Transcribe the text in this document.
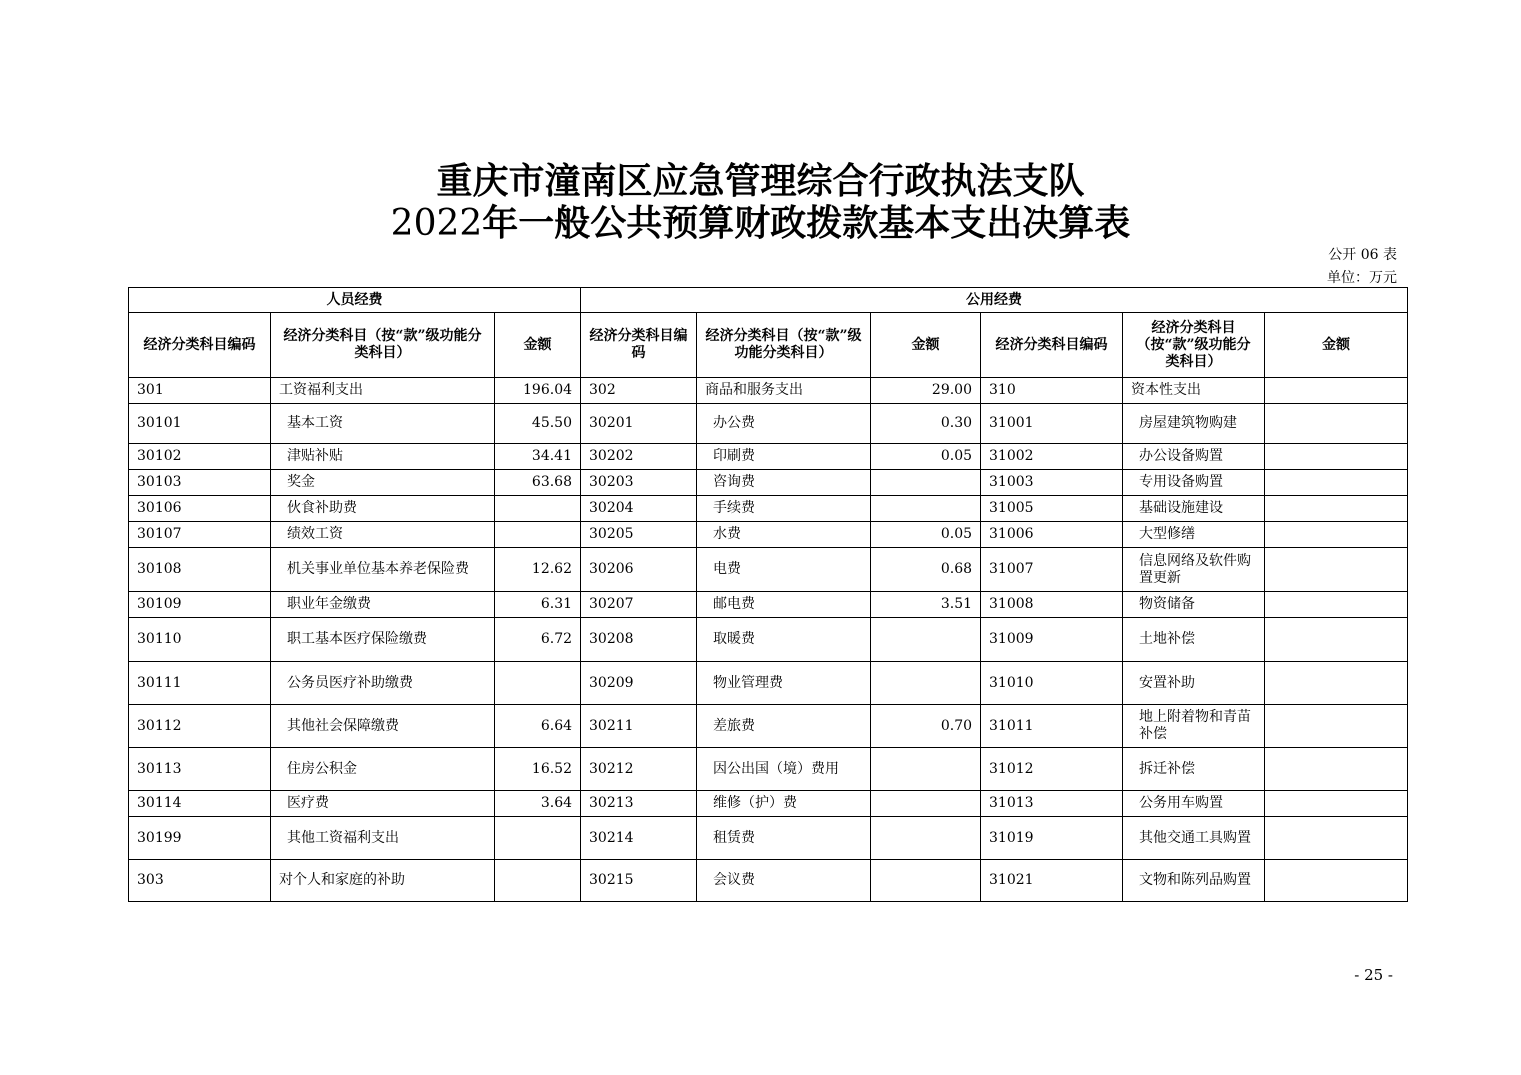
重庆市潼南区应急管理综合行政执法支队
2022年一般公共预算财政拨款基本支出决算表
公开 06 表
单位：万元
人员经费			公用经费					
经济分类科目编码	经济分类科目（按“款”级功能分类科目）	金额	经济分类科目编码	经济分类科目（按“款”级功能分类科目）	金额	经济分类科目编码	经济分类科目（按“款”级功能分类科目）	金额
301	工资福利支出	196.04	302	商品和服务支出	29.00	310	资本性支出	
30101	基本工资	45.50	30201	办公费	0.30	31001	房屋建筑物购建	
30102	津贴补贴	34.41	30202	印刷费	0.05	31002	办公设备购置	
30103	奖金	63.68	30203	咨询费		31003	专用设备购置	
30106	伙食补助费		30204	手续费		31005	基础设施建设	
30107	绩效工资		30205	水费	0.05	31006	大型修缮	
30108	机关事业单位基本养老保险费	12.62	30206	电费	0.68	31007	信息网络及软件购置更新	
30109	职业年金缴费	6.31	30207	邮电费	3.51	31008	物资储备	
30110	职工基本医疗保险缴费	6.72	30208	取暖费		31009	土地补偿	
30111	公务员医疗补助缴费		30209	物业管理费		31010	安置补助	
30112	其他社会保障缴费	6.64	30211	差旅费	0.70	31011	地上附着物和青苗补偿	
30113	住房公积金	16.52	30212	因公出国（境）费用		31012	拆迁补偿	
30114	医疗费	3.64	30213	维修（护）费		31013	公务用车购置	
30199	其他工资福利支出		30214	租赁费		31019	其他交通工具购置	
303	对个人和家庭的补助		30215	会议费		31021	文物和陈列品购置	
- 25 -
